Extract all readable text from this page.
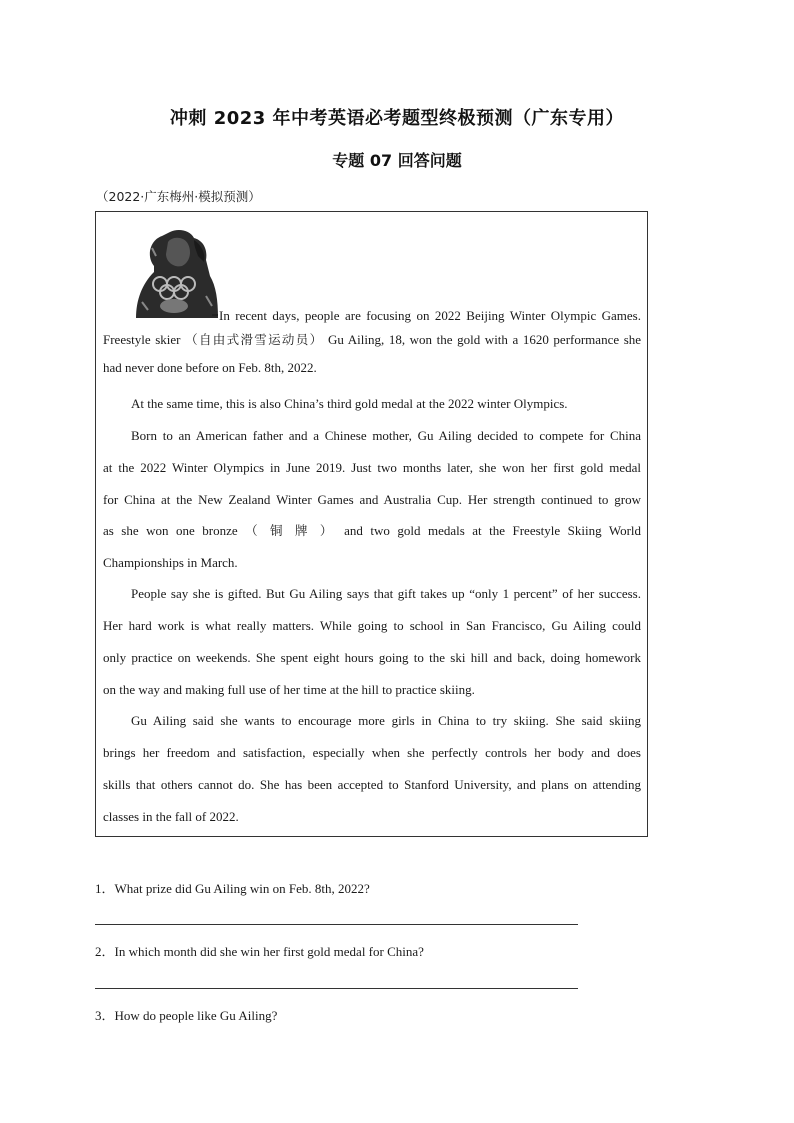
冲刺 2023 年中考英语必考题型终极预测（广东专用）
专题 07 回答问题
（2022·广东梅州·模拟预测）
In recent days, people are focusing on 2022 Beijing Winter Olympic Games.
Freestyle skier （自由式滑雪运动员） Gu Ailing, 18, won the gold with a 1620 performance she
had never done before on Feb. 8th, 2022.
At the same time, this is also China’s third gold medal at the 2022 winter Olympics.
Born to an American father and a Chinese mother, Gu Ailing decided to compete for China
at the 2022 Winter Olympics in June 2019. Just two months later, she won her first gold medal
for China at the New Zealand Winter Games and Australia Cup. Her strength continued to grow
as she won one bronze （ 铜 牌 ） and two gold medals at the Freestyle Skiing World
Championships in March.
People say she is gifted. But Gu Ailing says that gift takes up “only 1 percent” of her success.
Her hard work is what really matters. While going to school in San Francisco, Gu Ailing could
only practice on weekends. She spent eight hours going to the ski hill and back, doing homework
on the way and making full use of her time at the hill to practice skiing.
Gu Ailing said she wants to encourage more girls in China to try skiing. She said skiing
brings her freedom and satisfaction, especially when she perfectly controls her body and does
skills that others cannot do. She has been accepted to Stanford University, and plans on attending
classes in the fall of 2022.
1．What prize did Gu Ailing win on Feb. 8th, 2022?
2．In which month did she win her first gold medal for China?
3．How do people like Gu Ailing?
